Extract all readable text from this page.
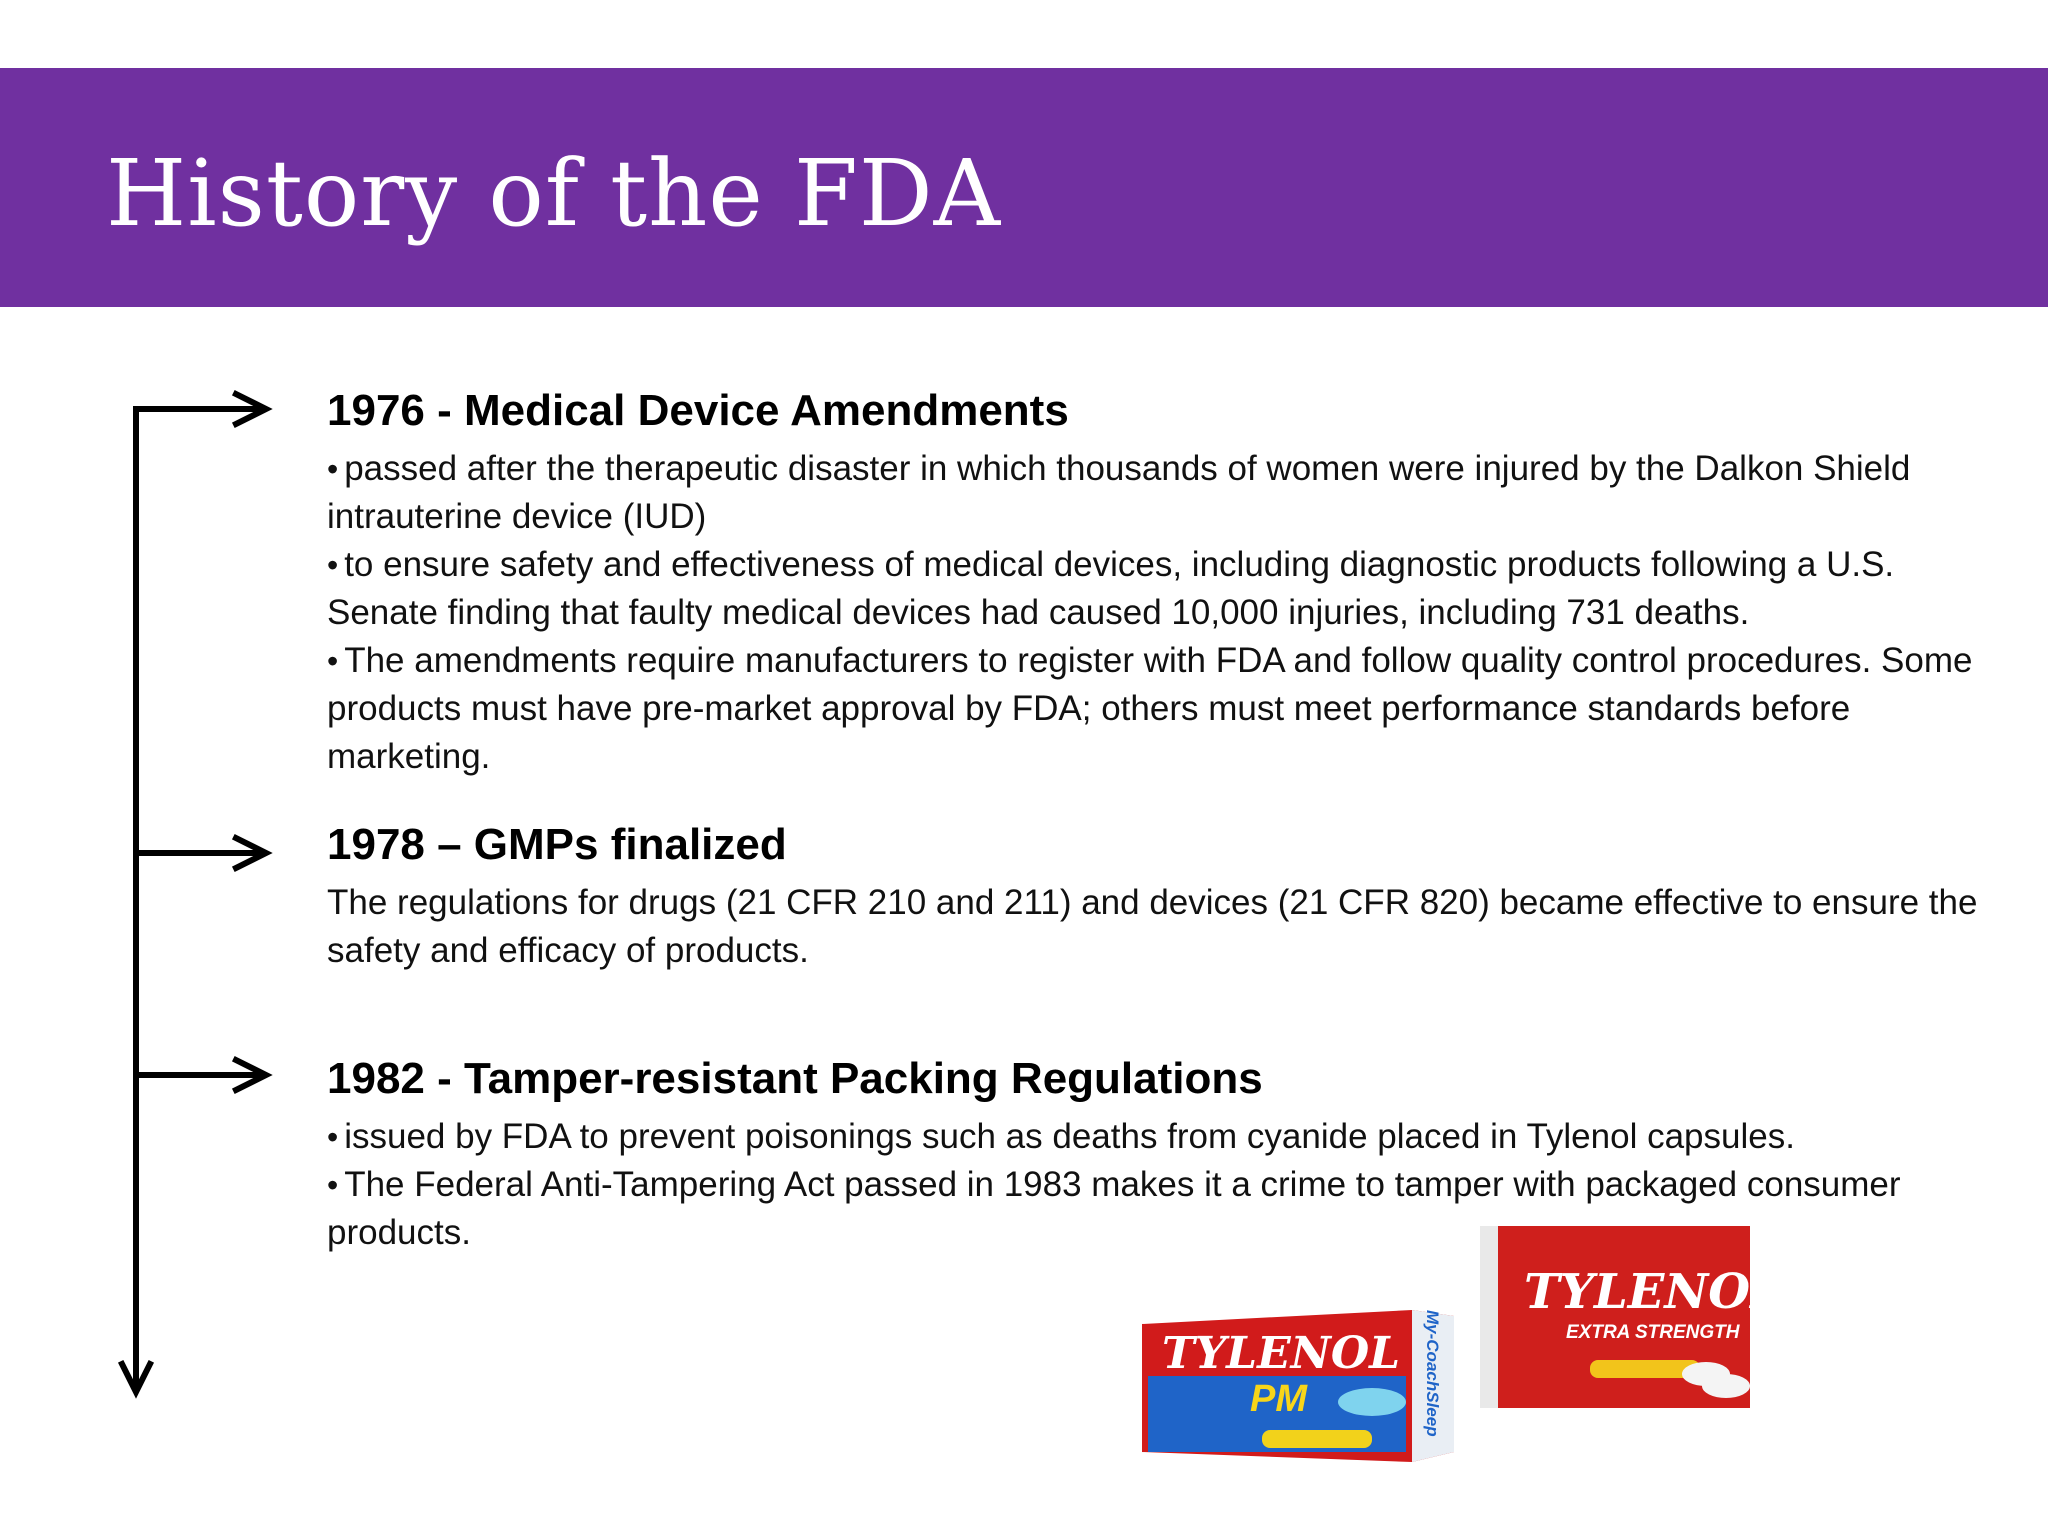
History of the FDA
1976 - Medical Device Amendments

• passed after the therapeutic disaster in which thousands of women were injured by the Dalkon Shield intrauterine device (IUD)

• to ensure safety and effectiveness of medical devices, including diagnostic products following a U.S. Senate finding that faulty medical devices had caused 10,000 injuries, including 731 deaths.

• The amendments require manufacturers to register with FDA and follow quality control procedures. Some products must have pre-market approval by FDA; others must meet performance standards before marketing.

1978 – GMPs finalized

The regulations for drugs (21 CFR 210 and 211) and devices (21 CFR 820) became effective to ensure the safety and efficacy of products.

1982 - Tamper-resistant Packing Regulations

• issued by FDA to prevent poisonings such as deaths from cyanide placed in Tylenol capsules.

• The Federal Anti-Tampering Act passed in 1983 makes it a crime to tamper with packaged consumer products.

TYLENOL
PM	My-CoachSleep
TYLENOL
EXTRA STRENGTH
